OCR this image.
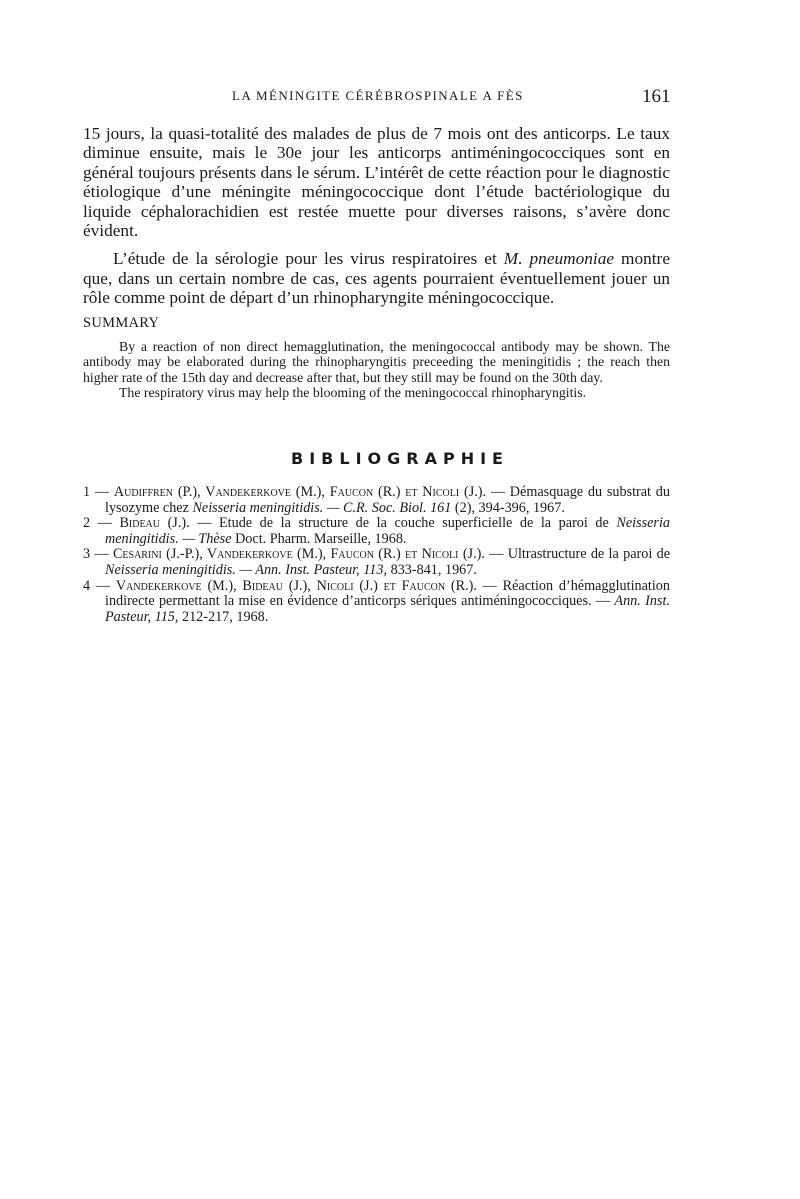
LA MÉNINGITE CÉRÉBROSPINALE A FÈS	161

15 jours, la quasi-totalité des malades de plus de 7 mois ont des anticorps. Le taux diminue ensuite, mais le 30e jour les anticorps antiméningococciques sont en général toujours présents dans le sérum. L’intérêt de cette réaction pour le diagnostic étiologique d’une méningite méningococcique dont l’étude bactériologique du liquide céphalorachidien est restée muette pour diverses raisons, s’avère donc évident.

L’étude de la sérologie pour les virus respiratoires et M. pneumoniae montre que, dans un certain nombre de cas, ces agents pourraient éventuellement jouer un rôle comme point de départ d’un rhinopharyngite méningococcique.

SUMMARY

By a reaction of non direct hemagglutination, the meningococcal antibody may be shown. The antibody may be elaborated during the rhinopharyngitis preceeding the meningitidis ; the reach then higher rate of the 15th day and decrease after that, but they still may be found on the 30th day.

The respiratory virus may help the blooming of the meningococcal rhinopharyngitis.

BIBLIOGRAPHIE
1 — Audiffren (P.), Vandekerkove (M.), Faucon (R.) et Nicoli (J.). — Démasquage du substrat du lysozyme chez Neisseria meningitidis. — C.R. Soc. Biol. 161 (2), 394-396, 1967.
2 — Bideau (J.). — Etude de la structure de la couche superficielle de la paroi de Neisseria meningitidis. — Thèse Doct. Pharm. Marseille, 1968.
3 — Cesarini (J.-P.), Vandekerkove (M.), Faucon (R.) et Nicoli (J.). — Ultrastructure de la paroi de Neisseria meningitidis. — Ann. Inst. Pasteur, 113, 833-841, 1967.
4 — Vandekerkove (M.), Bideau (J.), Nicoli (J.) et Faucon (R.). — Réaction d’hémagglutination indirecte permettant la mise en évidence d’anticorps sériques antiméningococciques. — Ann. Inst. Pasteur, 115, 212-217, 1968.
